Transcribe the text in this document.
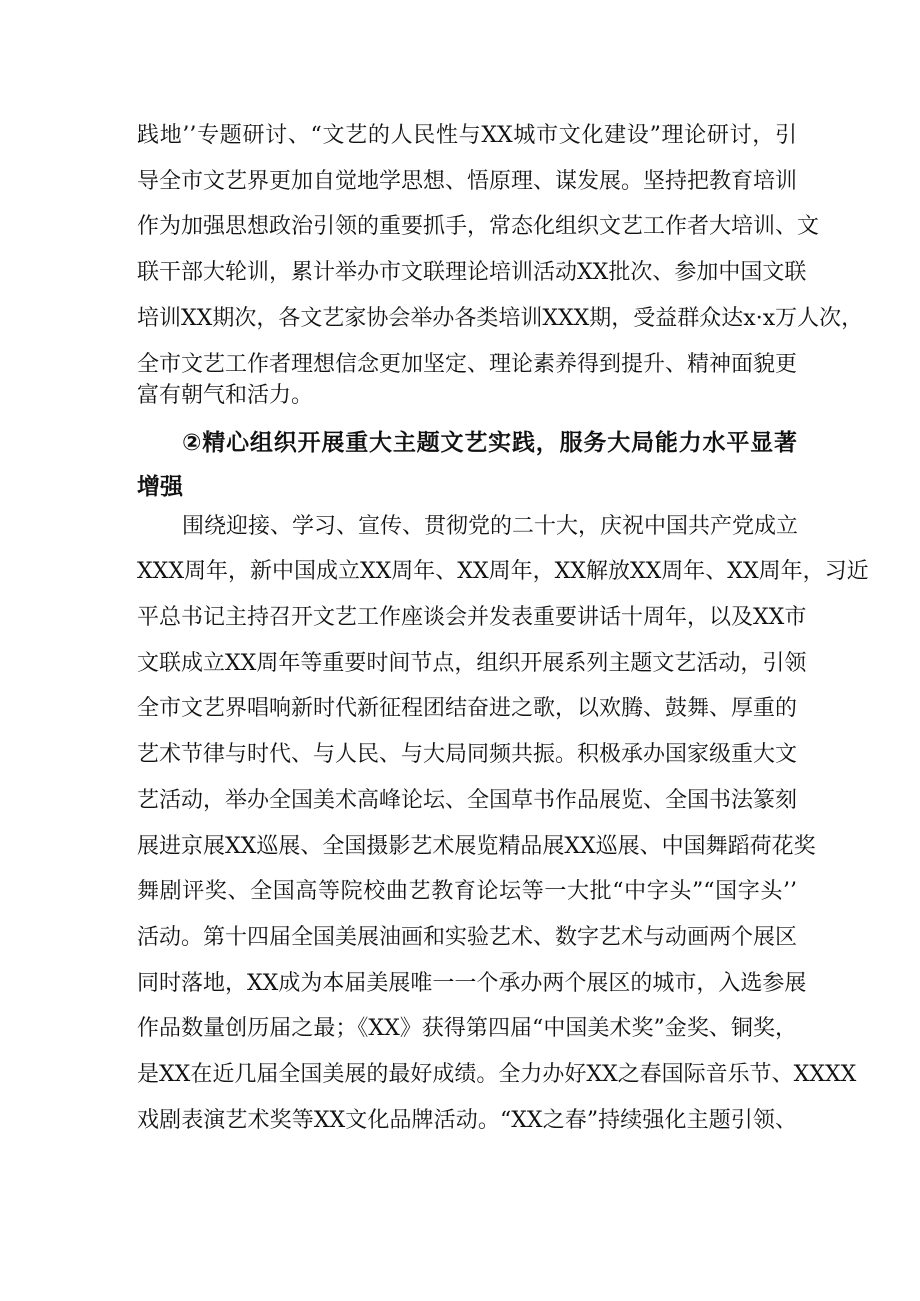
践地’’专题研讨、“文艺的人民性与XX城市文化建设”理论研讨，引
导全市文艺界更加自觉地学思想、悟原理、谋发展。坚持把教育培训
作为加强思想政治引领的重要抓手，常态化组织文艺工作者大培训、文
联干部大轮训，累计举办市文联理论培训活动XX批次、参加中国文联
培训XX期次，各文艺家协会举办各类培训XXX期，受益群众达x·x万人次，
全市文艺工作者理想信念更加坚定、理论素养得到提升、精神面貌更
富有朝气和活力。
②精心组织开展重大主题文艺实践，服务大局能力水平显著
增强
围绕迎接、学习、宣传、贯彻党的二十大，庆祝中国共产党成立
XXX周年，新中国成立XX周年、XX周年，XX解放XX周年、XX周年，习近
平总书记主持召开文艺工作座谈会并发表重要讲话十周年，以及XX市
文联成立XX周年等重要时间节点，组织开展系列主题文艺活动，引领
全市文艺界唱响新时代新征程团结奋进之歌，以欢腾、鼓舞、厚重的
艺术节律与时代、与人民、与大局同频共振。积极承办国家级重大文
艺活动，举办全国美术高峰论坛、全国草书作品展览、全国书法篆刻
展进京展XX巡展、全国摄影艺术展览精品展XX巡展、中国舞蹈荷花奖
舞剧评奖、全国高等院校曲艺教育论坛等一大批“中字头”“国字头’’
活动。第十四届全国美展油画和实验艺术、数字艺术与动画两个展区
同时落地，XX成为本届美展唯一一个承办两个展区的城市，入选参展
作品数量创历届之最；《XX》获得第四届“中国美术奖”金奖、铜奖，
是XX在近几届全国美展的最好成绩。全力办好XX之春国际音乐节、XXXX
戏剧表演艺术奖等XX文化品牌活动。“XX之春”持续强化主题引领、
